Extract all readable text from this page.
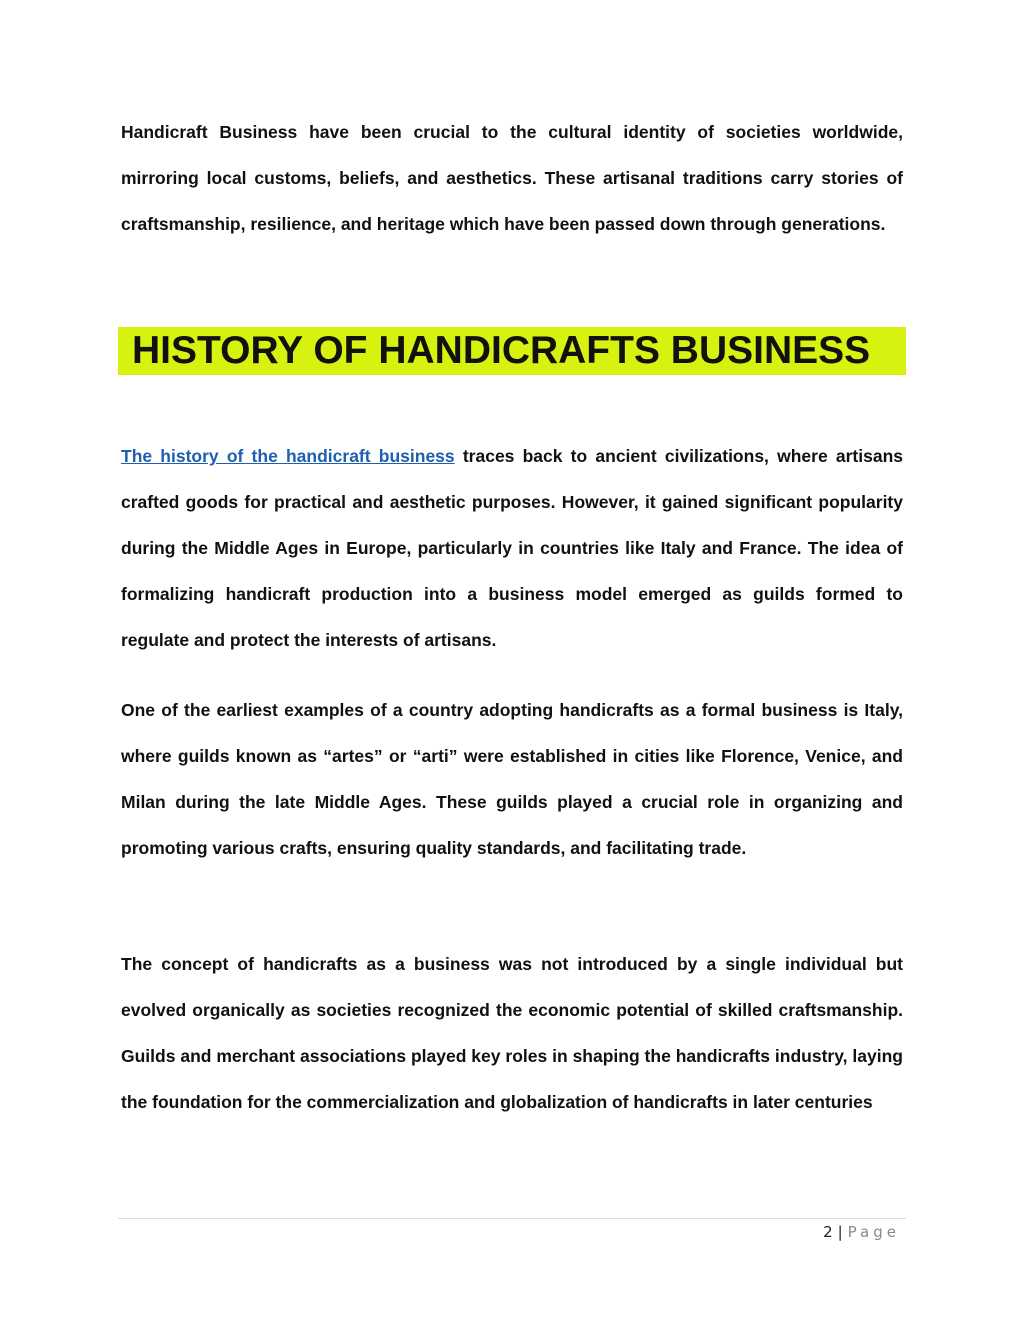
Handicraft Business have been crucial to the cultural identity of societies worldwide, mirroring local customs, beliefs, and aesthetics. These artisanal traditions carry stories of craftsmanship, resilience, and heritage which have been passed down through generations.

HISTORY OF HANDICRAFTS BUSINESS

The history of the handicraft business traces back to ancient civilizations, where artisans crafted goods for practical and aesthetic purposes. However, it gained significant popularity during the Middle Ages in Europe, particularly in countries like Italy and France. The idea of formalizing handicraft production into a business model emerged as guilds formed to regulate and protect the interests of artisans.

One of the earliest examples of a country adopting handicrafts as a formal business is Italy, where guilds known as “artes” or “arti” were established in cities like Florence, Venice, and Milan during the late Middle Ages. These guilds played a crucial role in organizing and promoting various crafts, ensuring quality standards, and facilitating trade.

The concept of handicrafts as a business was not introduced by a single individual but evolved organically as societies recognized the economic potential of skilled craftsmanship. Guilds and merchant associations played key roles in shaping the handicrafts industry, laying the foundation for the commercialization and globalization of handicrafts in later centuries

2 | Page
